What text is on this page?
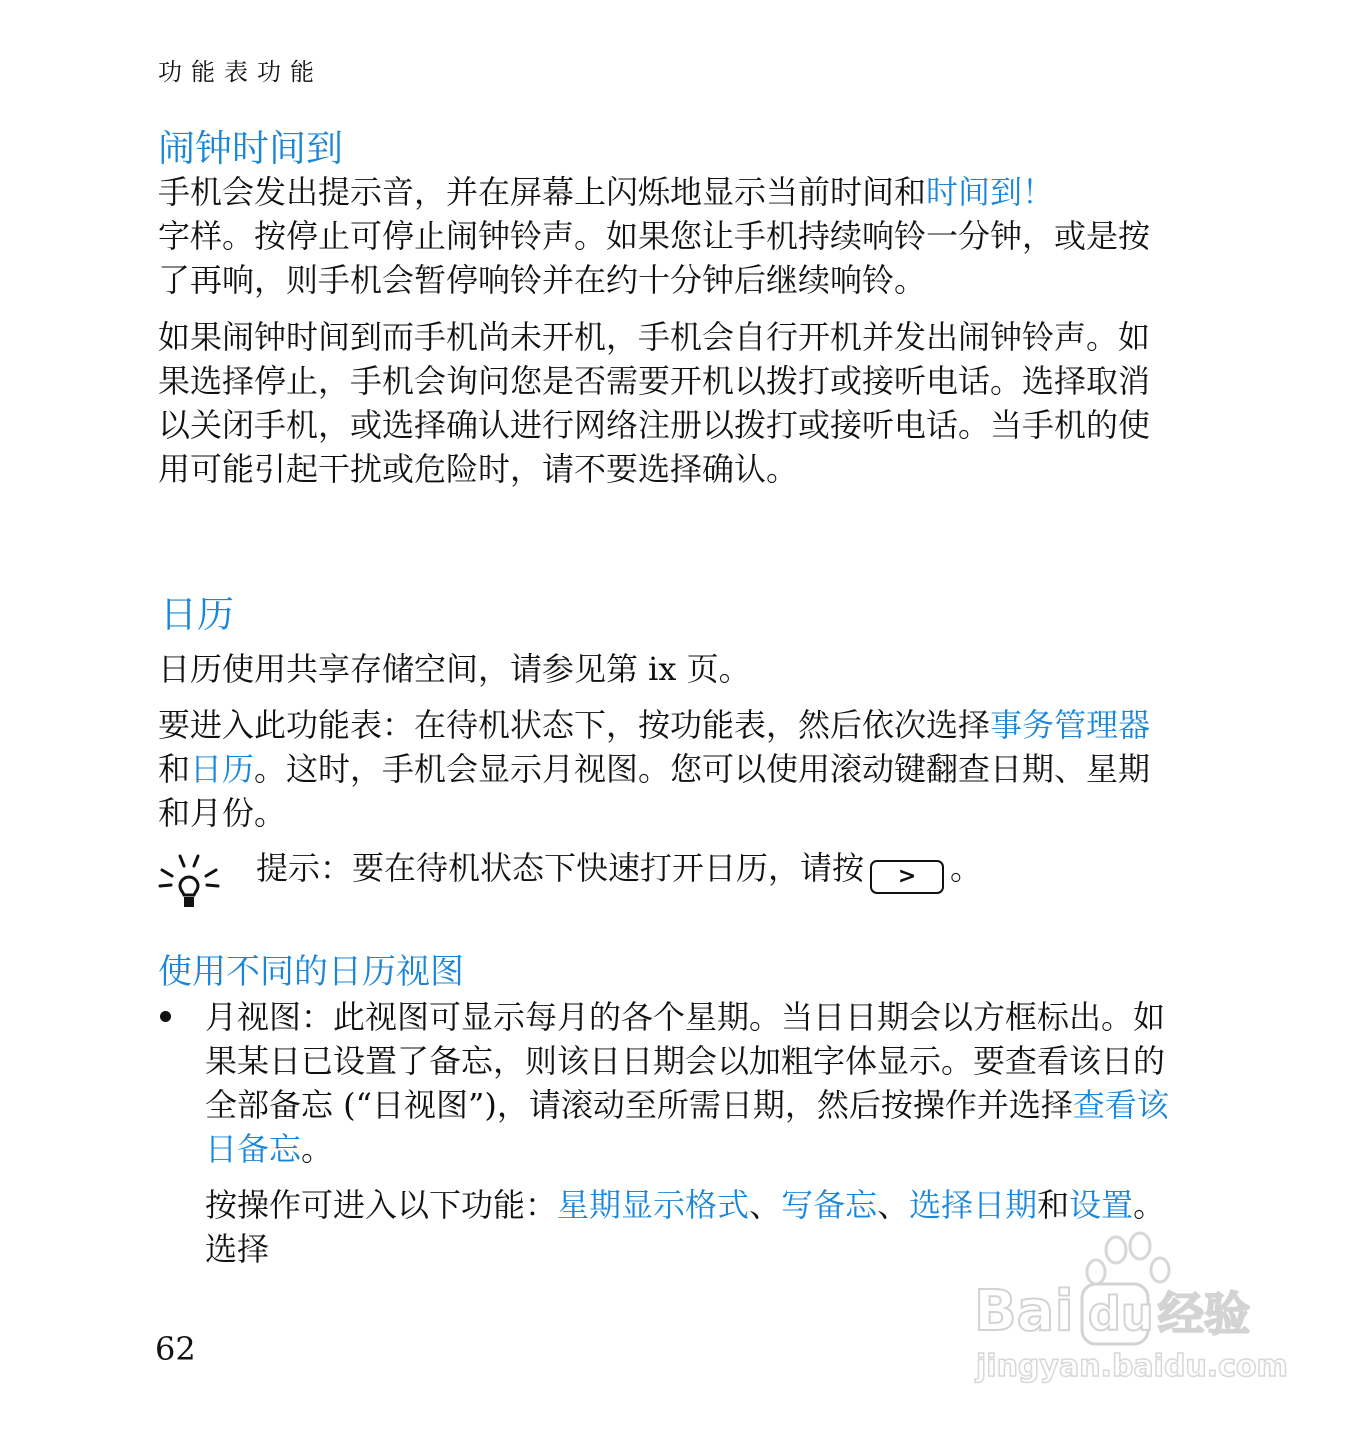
功能表功能
闹钟时间到

手机会发出提示音，并在屏幕上闪烁地显示当前时间和时间到！
字样。按停止可停止闹钟铃声。如果您让手机持续响铃一分钟，或是按了再响，则手机会暂停响铃并在约十分钟后继续响铃。

如果闹钟时间到而手机尚未开机，手机会自行开机并发出闹钟铃声。如果选择停止，手机会询问您是否需要开机以拨打或接听电话。选择取消以关闭手机，或选择确认进行网络注册以拨打或接听电话。当手机的使用可能引起干扰或危险时，请不要选择确认。

日历

日历使用共享存储空间，请参见第 ix 页。

要进入此功能表：在待机状态下，按功能表，然后依次选择事务管理器和日历。这时，手机会显示月视图。您可以使用滚动键翻查日期、星期和月份。

提示：要在待机状态下快速打开日历，请按 > 。

使用不同的日历视图

月视图：此视图可显示每月的各个星期。当日日期会以方框标出。如果某日已设置了备忘，则该日日期会以加粗字体显示。要查看该日的全部备忘 (“日视图”)，请滚动至所需日期，然后按操作并选择查看该日备忘。

按操作可进入以下功能：星期显示格式、写备忘、选择日期和设置。选择

62
Bai du 经验
jingyan.baidu.com
